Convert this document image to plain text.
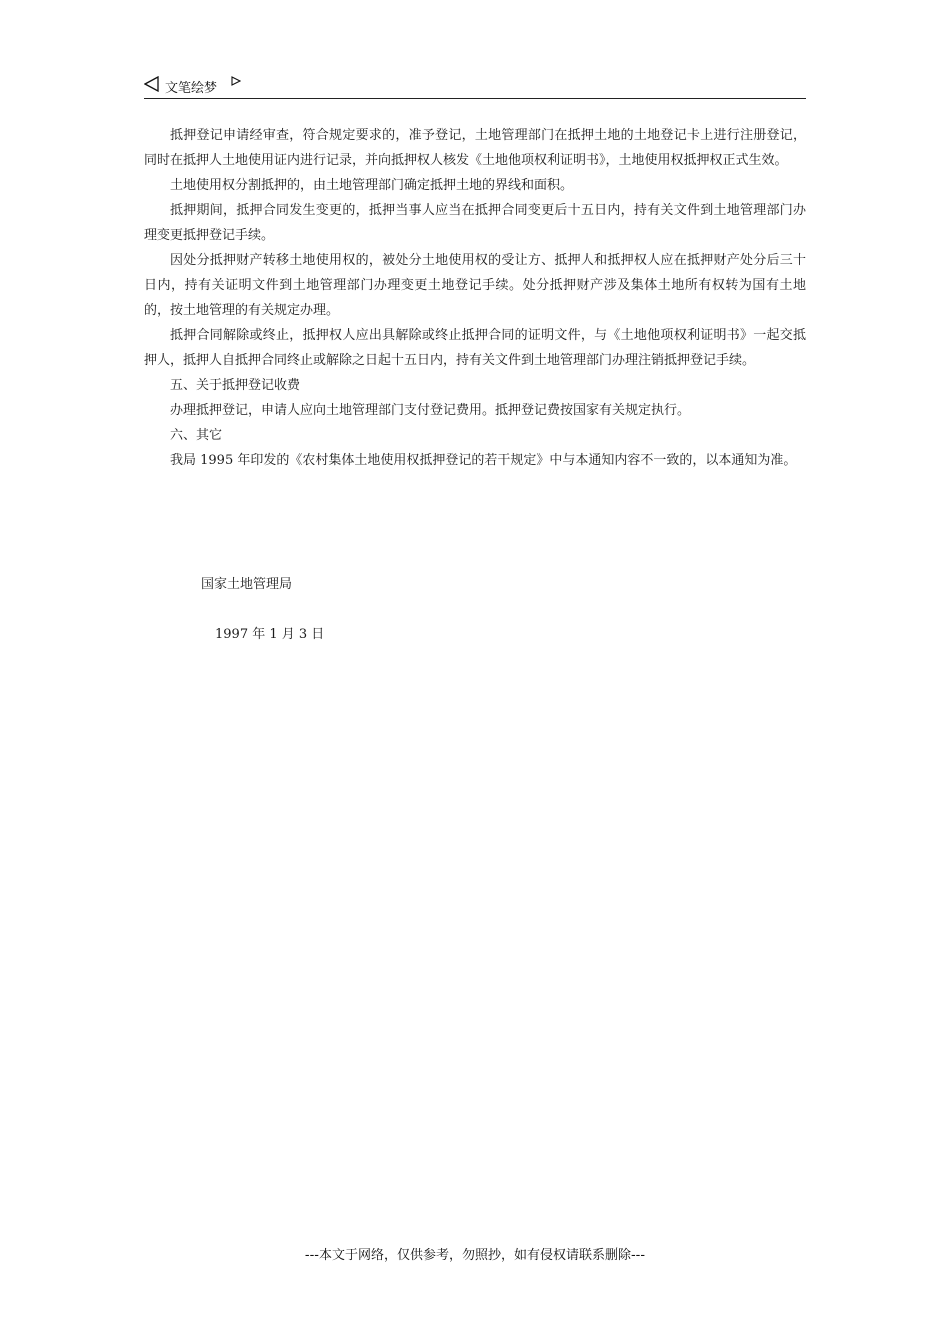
文笔绘梦

抵押登记申请经审查，符合规定要求的，准予登记，土地管理部门在抵押土地的土地登记卡上进行注册登记，同时在抵押人土地使用证内进行记录，并向抵押权人核发《土地他项权利证明书》，土地使用权抵押权正式生效。

土地使用权分割抵押的，由土地管理部门确定抵押土地的界线和面积。

抵押期间，抵押合同发生变更的，抵押当事人应当在抵押合同变更后十五日内，持有关文件到土地管理部门办理变更抵押登记手续。

因处分抵押财产转移土地使用权的，被处分土地使用权的受让方、抵押人和抵押权人应在抵押财产处分后三十日内，持有关证明文件到土地管理部门办理变更土地登记手续。处分抵押财产涉及集体土地所有权转为国有土地的，按土地管理的有关规定办理。

抵押合同解除或终止，抵押权人应出具解除或终止抵押合同的证明文件，与《土地他项权利证明书》一起交抵押人，抵押人自抵押合同终止或解除之日起十五日内，持有关文件到土地管理部门办理注销抵押登记手续。

五、关于抵押登记收费

办理抵押登记，申请人应向土地管理部门支付登记费用。抵押登记费按国家有关规定执行。

六、其它

我局 1995 年印发的《农村集体土地使用权抵押登记的若干规定》中与本通知内容不一致的，以本通知为准。

国家土地管理局
1997 年 1 月 3 日
---本文于网络，仅供参考，勿照抄，如有侵权请联系删除---
